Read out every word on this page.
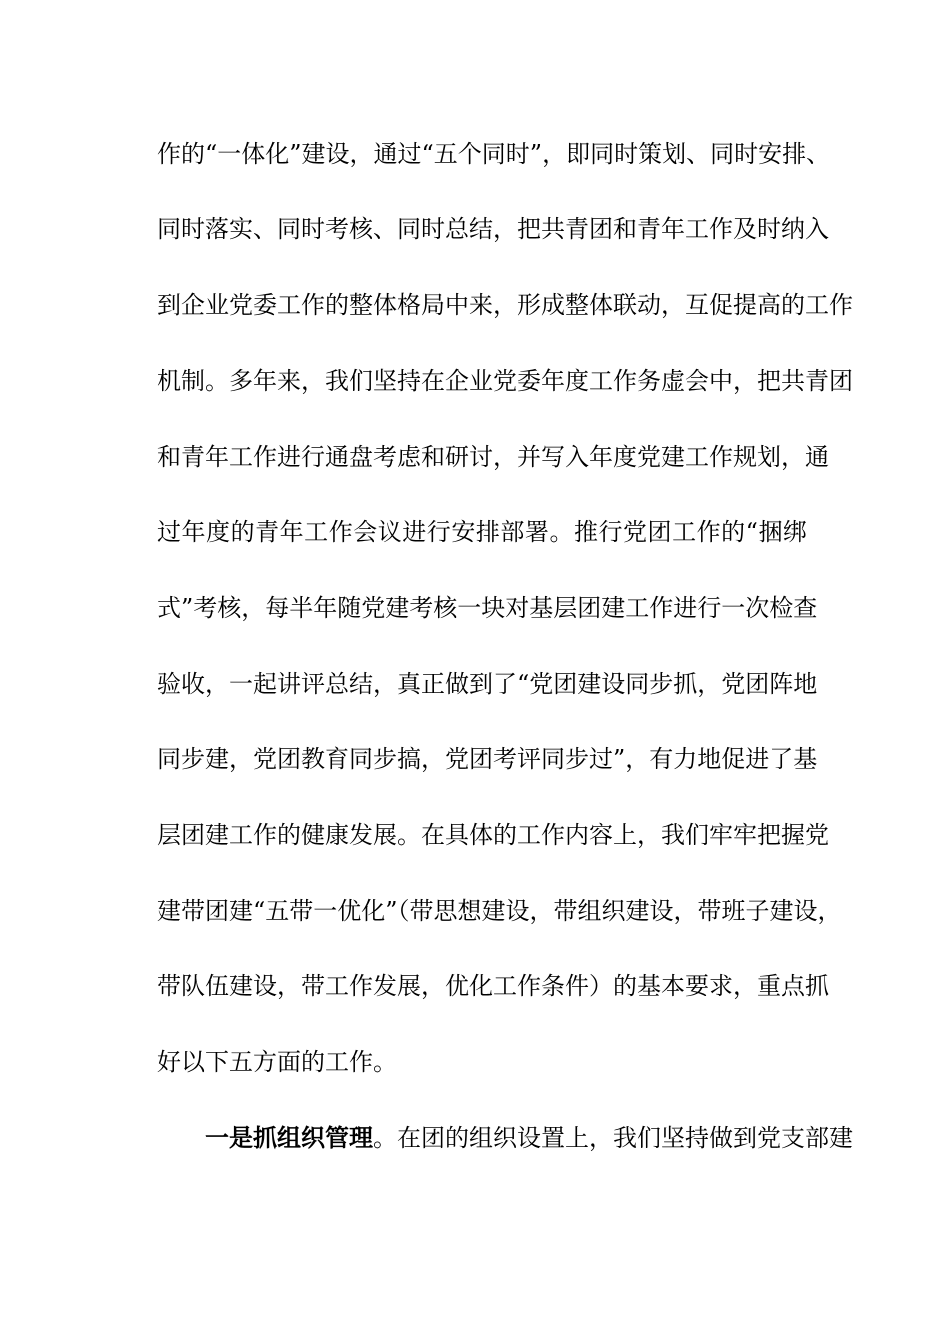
作的“一体化”建设，通过“五个同时”，即同时策划、同时安排、
同时落实、同时考核、同时总结，把共青团和青年工作及时纳入
到企业党委工作的整体格局中来，形成整体联动，互促提高的工作
机制。多年来，我们坚持在企业党委年度工作务虚会中，把共青团
和青年工作进行通盘考虑和研讨，并写入年度党建工作规划，通
过年度的青年工作会议进行安排部署。推行党团工作的“捆绑
式”考核，每半年随党建考核一块对基层团建工作进行一次检查
验收，一起讲评总结，真正做到了“党团建设同步抓，党团阵地
同步建，党团教育同步搞，党团考评同步过”，有力地促进了基
层团建工作的健康发展。在具体的工作内容上，我们牢牢把握党
建带团建“五带一优化”（带思想建设，带组织建设，带班子建设，
带队伍建设，带工作发展，优化工作条件）的基本要求，重点抓
好以下五方面的工作。
一是抓组织管理。在团的组织设置上，我们坚持做到党支部建
